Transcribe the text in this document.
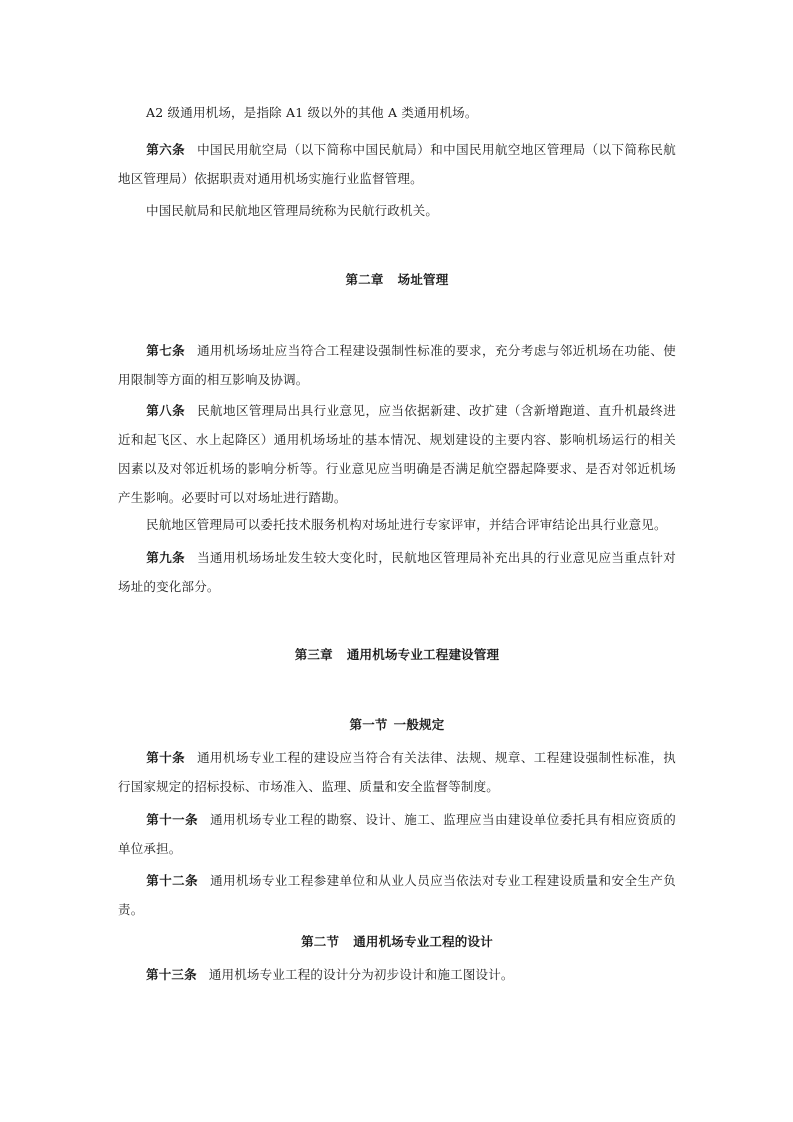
A2 级通用机场，是指除 A1 级以外的其他 A 类通用机场。

第六条 中国民用航空局（以下简称中国民航局）和中国民用航空地区管理局（以下简称民航地区管理局）依据职责对通用机场实施行业监督管理。

中国民航局和民航地区管理局统称为民航行政机关。

第二章 场址管理

第七条 通用机场场址应当符合工程建设强制性标准的要求，充分考虑与邻近机场在功能、使用限制等方面的相互影响及协调。

第八条 民航地区管理局出具行业意见，应当依据新建、改扩建（含新增跑道、直升机最终进近和起飞区、水上起降区）通用机场场址的基本情况、规划建设的主要内容、影响机场运行的相关因素以及对邻近机场的影响分析等。行业意见应当明确是否满足航空器起降要求、是否对邻近机场产生影响。必要时可以对场址进行踏勘。

民航地区管理局可以委托技术服务机构对场址进行专家评审，并结合评审结论出具行业意见。

第九条 当通用机场场址发生较大变化时，民航地区管理局补充出具的行业意见应当重点针对场址的变化部分。

第三章 通用机场专业工程建设管理
第一节 一般规定

第十条 通用机场专业工程的建设应当符合有关法律、法规、规章、工程建设强制性标准，执行国家规定的招标投标、市场准入、监理、质量和安全监督等制度。

第十一条 通用机场专业工程的勘察、设计、施工、监理应当由建设单位委托具有相应资质的单位承担。

第十二条 通用机场专业工程参建单位和从业人员应当依法对专业工程建设质量和安全生产负责。

第二节 通用机场专业工程的设计

第十三条 通用机场专业工程的设计分为初步设计和施工图设计。
